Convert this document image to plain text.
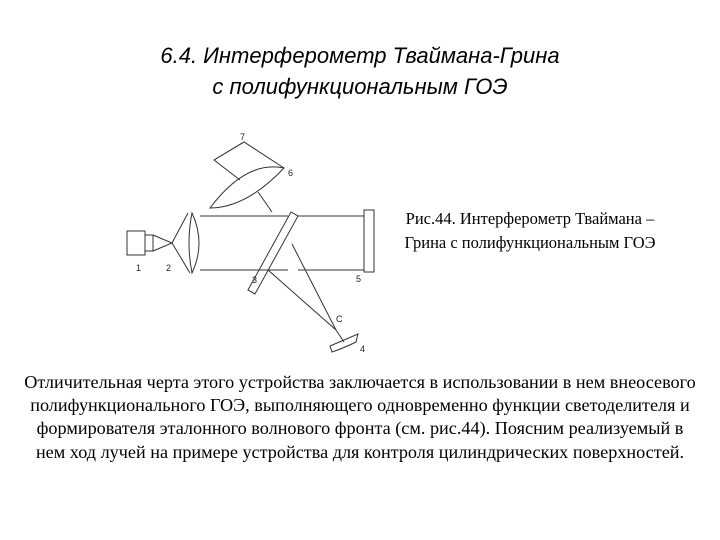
6.4. Интерферометр Тваймана-Грина
с полифункциональным ГОЭ
1	2
3
4
5
6
7
C
Рис.44. Интерферометр Тваймана – Грина с полифункциональным ГОЭ
Отличительная черта этого устройства заключается в использовании в нем внеосевого полифункционального ГОЭ, выполняющего одновременно функции светоделителя и формирователя эталонного волнового фронта (см. рис.44). Поясним реализуемый в нем ход лучей на примере устройства для контроля цилиндрических поверхностей.
